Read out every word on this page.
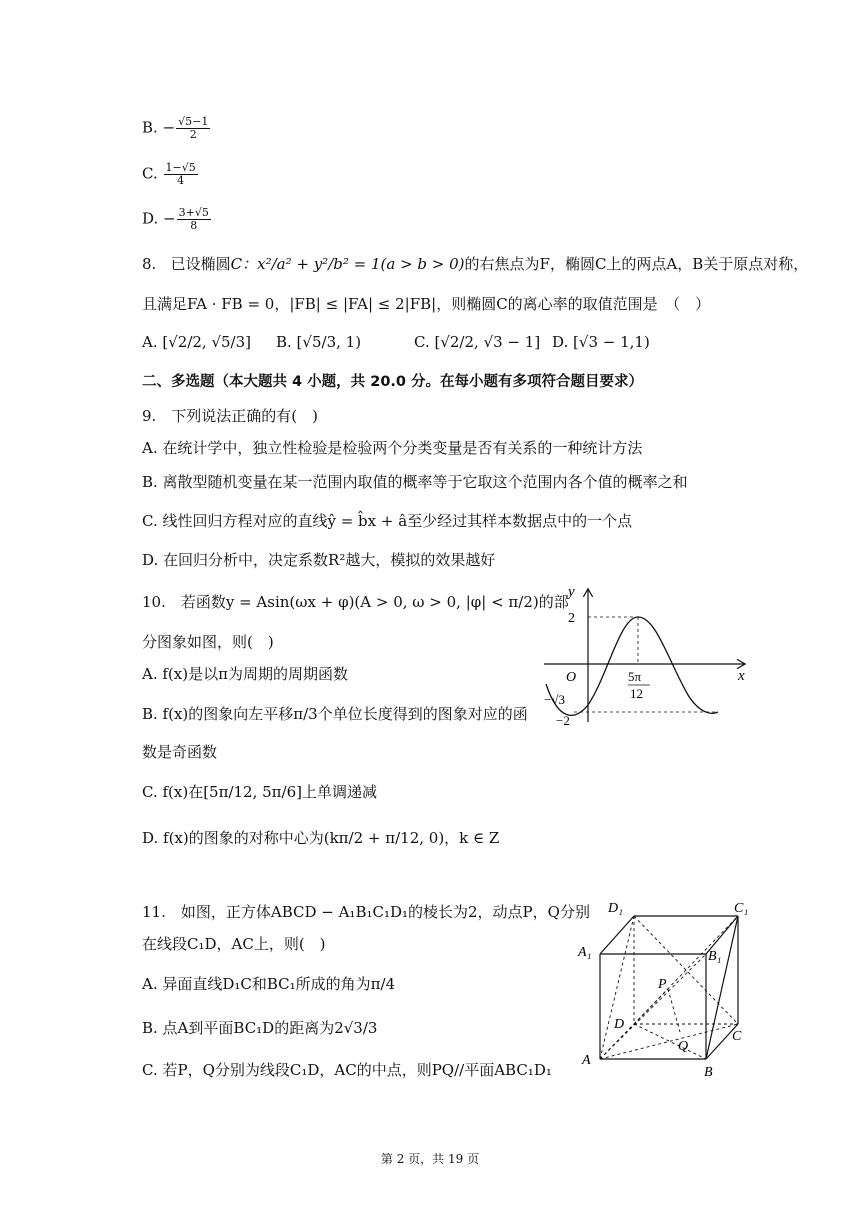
B. − $\frac{√5-1}{2}$
C. $\frac{1-√5}{4}$
D. − $\frac{3+√5}{8}$
8. 已设椭圆C：x²/a² + y²/b² = 1(a > b > 0)的右焦点为F，椭圆C上的两点A，B关于原点对称，
且满足FA · FB = 0，|FB| ≤ |FA| ≤ 2|FB|，则椭圆C的离心率的取值范围是　（　）
A. [√2/2, √5/3] B. [√5/3, 1)	C. [√2/2, √3 − 1] D. [√3 − 1,1)
二、多选题（本大题共 4 小题，共 20.0 分。在每小题有多项符合题目要求）
9.　下列说法正确的有(　)
A. 在统计学中，独立性检验是检验两个分类变量是否有关系的一种统计方法
B. 离散型随机变量在某一范围内取值的概率等于它取这个范围内各个值的概率之和
C. 线性回归方程对应的直线ŷ = b̂x + â至少经过其样本数据点中的一个点
D. 在回归分析中，决定系数R²越大，模拟的效果越好
10.　若函数y = Asin(ωx + φ)(A > 0, ω > 0, |φ| < π/2)的部
分图象如图，则(　)
A. f(x)是以π为周期的周期函数
B. f(x)的图象向左平移π/3个单位长度得到的图象对应的函
数是奇函数
C. f(x)在[5π/12, 5π/6]上单调递减
D. f(x)的图象的对称中心为(kπ/2 + π/12, 0)，k ∈ Z
y
x
O
2
−√3
−2
5π
12
11.　如图，正方体ABCD − A₁B₁C₁D₁的棱长为2，动点P，Q分别
在线段C₁D，AC上，则(　)
A. 异面直线D₁C和BC₁所成的角为π/4
B. 点A到平面BC₁D的距离为2√3/3
C. 若P，Q分别为线段C₁D，AC的中点，则PQ//平面ABC₁D₁
D₁	C₁
A₁	B₁
P
D
C
Q
A
B
第 2 页，共 19 页
